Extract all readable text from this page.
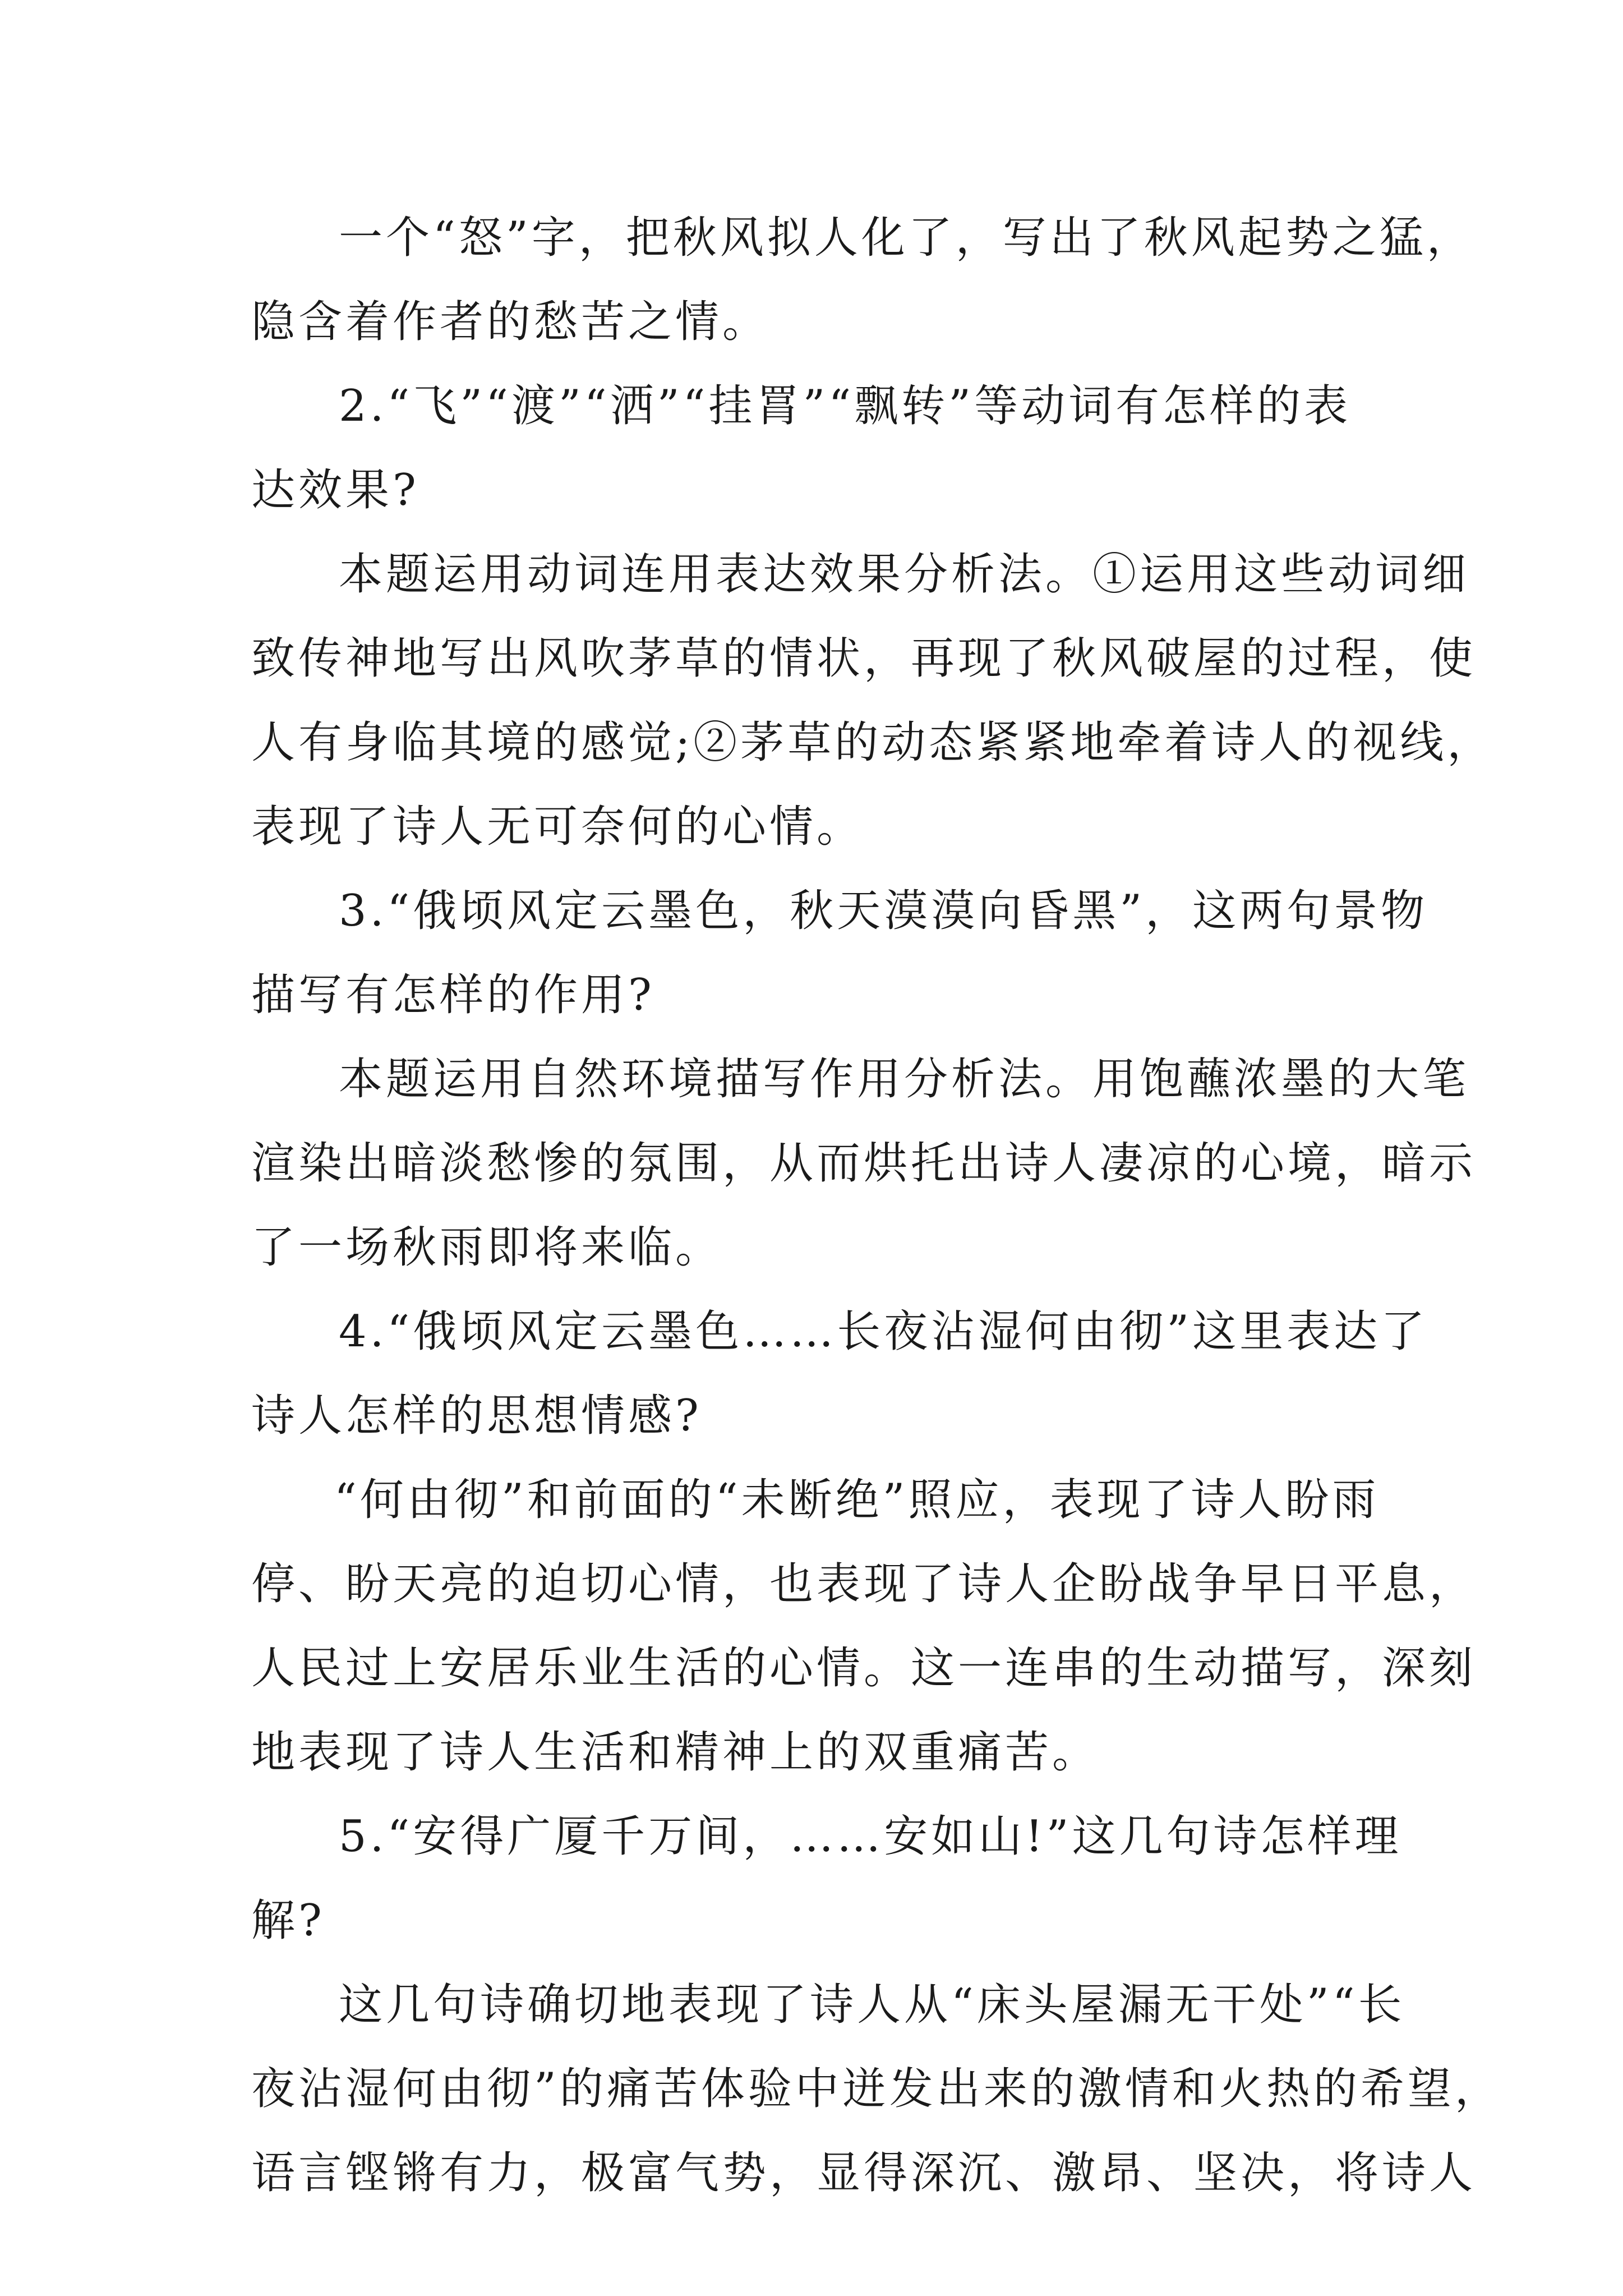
一个“怒”字，把秋风拟人化了，写出了秋风起势之猛，
隐含着作者的愁苦之情。

2.“飞”“渡”“洒”“挂罥”“飘转”等动词有怎样的表
达效果?

本题运用动词连用表达效果分析法。①运用这些动词细
致传神地写出风吹茅草的情状，再现了秋风破屋的过程，使
人有身临其境的感觉;②茅草的动态紧紧地牵着诗人的视线，
表现了诗人无可奈何的心情。

3.“俄顷风定云墨色，秋天漠漠向昏黑”，这两句景物
描写有怎样的作用?

本题运用自然环境描写作用分析法。用饱蘸浓墨的大笔
渲染出暗淡愁惨的氛围，从而烘托出诗人凄凉的心境，暗示
了一场秋雨即将来临。

4.“俄顷风定云墨色……长夜沾湿何由彻”这里表达了
诗人怎样的思想情感?

“何由彻”和前面的“未断绝”照应，表现了诗人盼雨
停、盼天亮的迫切心情，也表现了诗人企盼战争早日平息，
人民过上安居乐业生活的心情。这一连串的生动描写，深刻
地表现了诗人生活和精神上的双重痛苦。

5.“安得广厦千万间，……安如山!”这几句诗怎样理
解?

这几句诗确切地表现了诗人从“床头屋漏无干处”“长
夜沾湿何由彻”的痛苦体验中迸发出来的激情和火热的希望，
语言铿锵有力，极富气势，显得深沉、激昂、坚决，将诗人
